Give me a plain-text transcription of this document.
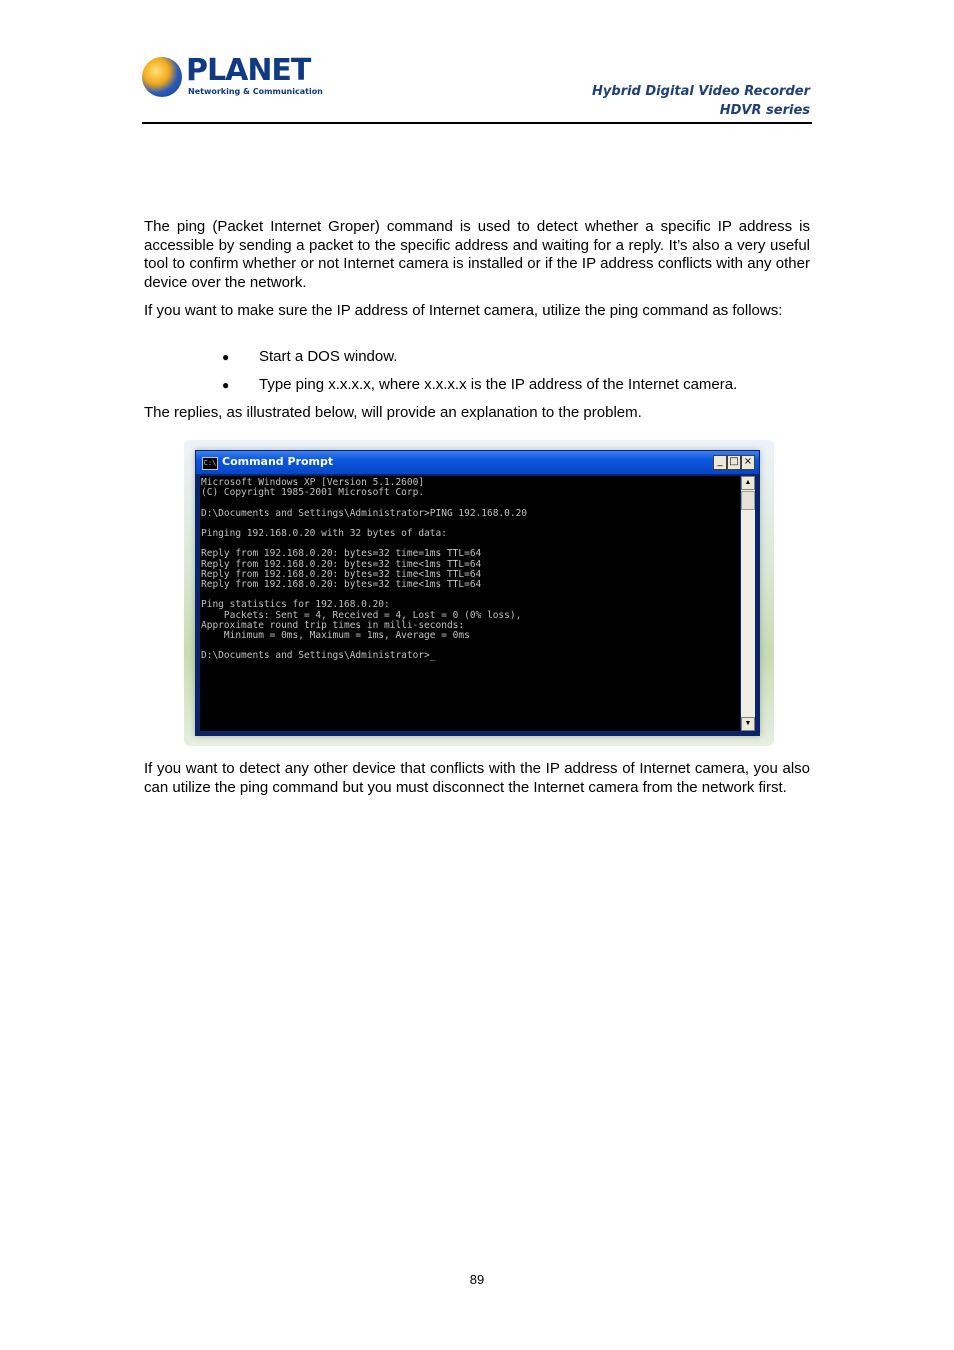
PLANET
Networking & Communication	Hybrid Digital Video Recorder
HDVR series
The ping (Packet Internet Groper) command is used to detect whether a specific IP address is accessible by sending a packet to the specific address and waiting for a reply. It’s also a very useful tool to confirm whether or not Internet camera is installed or if the IP address conflicts with any other device over the network.
If you want to make sure the IP address of Internet camera, utilize the ping command as follows:
● Start a DOS window.
● Type ping x.x.x.x, where x.x.x.x is the IP address of the Internet camera.
The replies, as illustrated below, will provide an explanation to the problem.
C:\ Command Prompt	_ □ ×
Microsoft Windows XP [Version 5.1.2600]
(C) Copyright 1985-2001 Microsoft Corp.

D:\Documents and Settings\Administrator>PING 192.168.0.20

Pinging 192.168.0.20 with 32 bytes of data:

Reply from 192.168.0.20: bytes=32 time=1ms TTL=64
Reply from 192.168.0.20: bytes=32 time<1ms TTL=64
Reply from 192.168.0.20: bytes=32 time<1ms TTL=64
Reply from 192.168.0.20: bytes=32 time<1ms TTL=64

Ping statistics for 192.168.0.20:
Packets: Sent = 4, Received = 4, Lost = 0 (0% loss),
Approximate round trip times in milli-seconds:
Minimum = 0ms, Maximum = 1ms, Average = 0ms

D:\Documents and Settings\Administrator>_
▲
▼
If you want to detect any other device that conflicts with the IP address of Internet camera, you also can utilize the ping command but you must disconnect the Internet camera from the network first.
89
